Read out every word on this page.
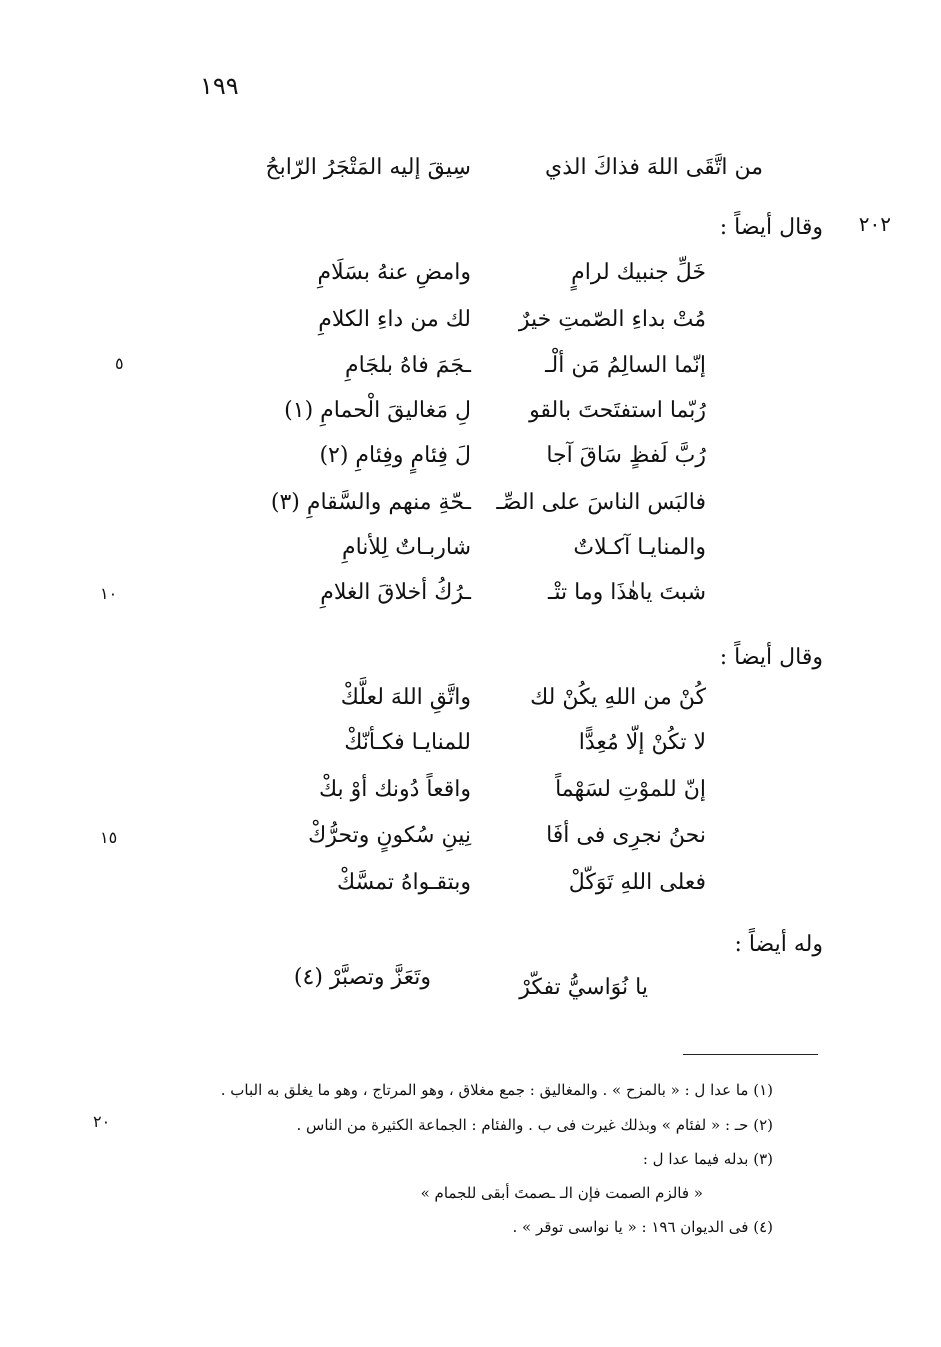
١٩٩
من اتَّقَى اللهَ فذاكَ الذي
سِيقَ إليه المَتْجَرُ الرّابحُ
٢٠٢
وقال أيضاً :
خَلِّ جنبيك لرامٍ
وامضِ عنهُ بسَلَامِ
مُتْ بداءِ الصّمتِ خيرٌ
لك من داءِ الكلامِ
إنّما السالِمُ مَن ألْـ
ـجَمَ فاهُ بلجَامِ
رُبّما استفتَحتَ بالقو
لِ مَغاليقَ الْحمامِ (١)
رُبَّ لَفظٍ سَاقَ آجا
لَ فِئامٍ وفِئامِ (٢)
فالبَس الناسَ على الصِّـ
ـحّةِ منهم والسَّقامِ (٣)
والمنايـا آكـلاتٌ
شاربـاتٌ لِلأنامِ
شبتَ ياهٰذَا وما تتْـ
ـرُكُ أخلاقَ الغلامِ
وقال أيضاً :
كُنْ من اللهِ يكُنْ لك
واتَّقِ اللهَ لعلَّكْ
لا تكُنْ إلّا مُعِدًّا
للمنايـا فكـأنّكْ
إنّ للموْتِ لسَهْماً
واقعاً دُونك أوْ بكْ
نحنُ نجرِى فى أفَا
نِينِ سُكونٍ وتحرُّكْ
فعلى اللهِ تَوَكّلْ
وبتقـواهُ تمسَّكْ
وله أيضاً :
يا نُوَاسيُّ تفكّرْ
وتَعَزَّ وتصبَّرْ (٤)
٥
١٠
١٥
٢٠
(١) ما عدا ل : « بالمزح » . والمغاليق : جمع مغلاق ، وهو المرتاج ، وهو ما يغلق به الباب .
(٢) حـ : « لفئام » وبذلك غيرت فى ب . والفئام : الجماعة الكثيرة من الناس .
(٣) بدله فيما عدا ل :
« فالزم الصمت فإن الـ ـصمتَ أبقى للجمام »
(٤) فى الديوان ١٩٦ : « يا نواسى توقر » .
